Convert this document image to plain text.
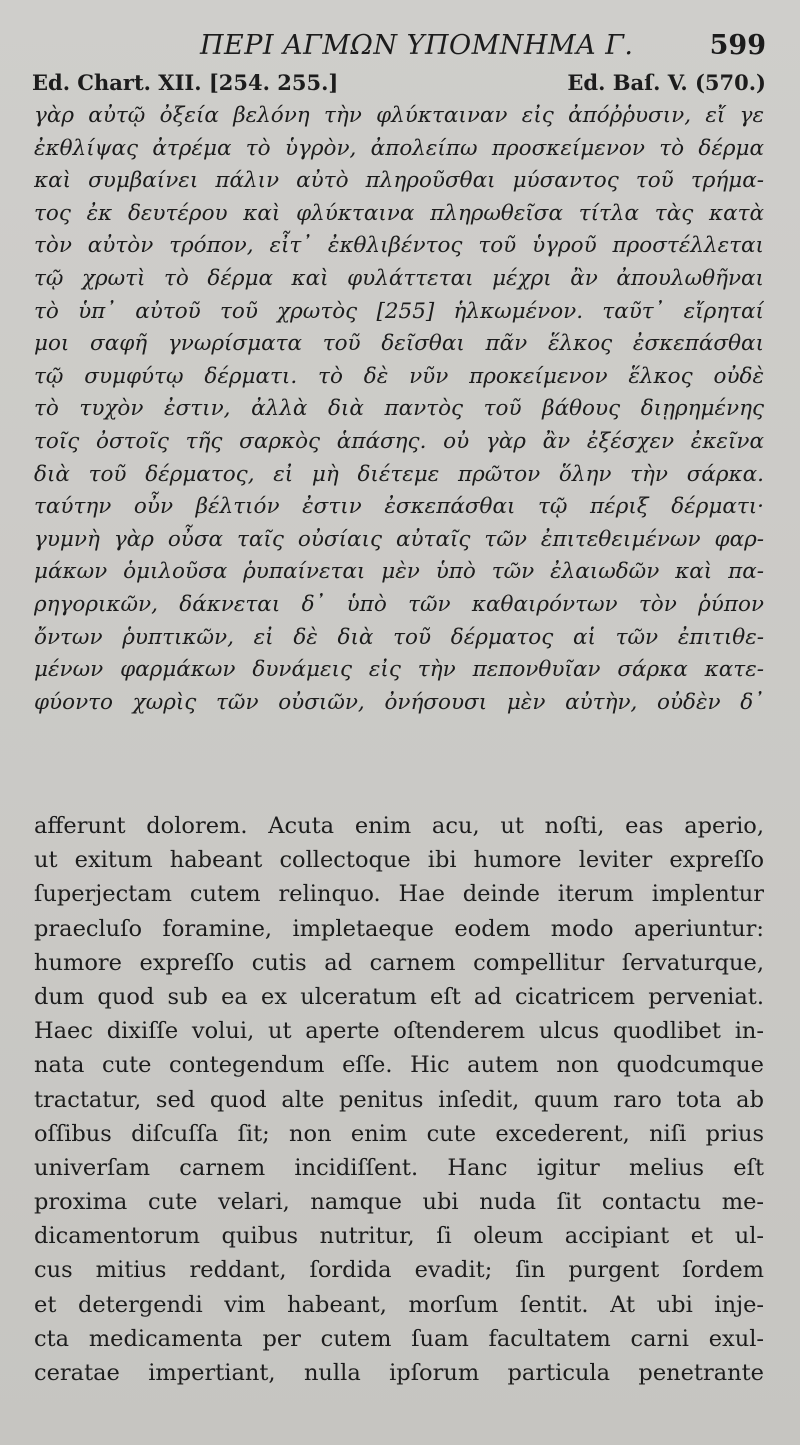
ΠΕΡΙ ΑΓΜΩΝ ΥΠΟΜΝΗΜΑ Γ.	599
Ed. Chart. XII. [254. 255.]	Ed. Baſ. V. (570.)
γὰρ αὐτῷ ὀξεία βελόνη τὴν φλύκταιναν εἰς ἀπόῤῥυσιν, εἴ γε
ἐκθλίψας ἀτρέμα τὸ ὑγρὸν, ἀπολείπω προσκείμενον τὸ δέρμα
καὶ συμβαίνει πάλιν αὐτὸ πληροῦσθαι μύσαντος τοῦ τρήμα-
τος ἐκ δευτέρου καὶ φλύκταινα πληρωθεῖσα τίτλα τὰς κατὰ
τὸν αὐτὸν τρόπον, εἶτ᾽ ἐκθλιβέντος τοῦ ὑγροῦ προστέλλεται
τῷ χρωτὶ τὸ δέρμα καὶ φυλάττεται μέχρι ἂν ἀπουλωθῆναι
τὸ ὑπ᾽ αὐτοῦ τοῦ χρωτὸς [255] ἡλκωμένον. ταῦτ᾽ εἴρηταί
μοι σαφῆ γνωρίσματα τοῦ δεῖσθαι πᾶν ἕλκος ἐσκεπάσθαι
τῷ συμφύτῳ δέρματι. τὸ δὲ νῦν προκείμενον ἕλκος οὐδὲ
τὸ τυχὸν ἐστιν, ἀλλὰ διὰ παντὸς τοῦ βάθους διῃρημένης
τοῖς ὀστοῖς τῆς σαρκὸς ἁπάσης. οὐ γὰρ ἂν ἐξέσχεν ἐκεῖνα
διὰ τοῦ δέρματος, εἰ μὴ διέτεμε πρῶτον ὅλην τὴν σάρκα.
ταύτην οὖν βέλτιόν ἐστιν ἐσκεπάσθαι τῷ πέριξ δέρματι·
γυμνὴ γὰρ οὖσα ταῖς οὐσίαις αὐταῖς τῶν ἐπιτεθειμένων φαρ-
μάκων ὁμιλοῦσα ῥυπαίνεται μὲν ὑπὸ τῶν ἐλαιωδῶν καὶ πα-
ρηγορικῶν, δάκνεται δ᾽ ὑπὸ τῶν καθαιρόντων τὸν ῥύπον
ὄντων ῥυπτικῶν, εἰ δὲ διὰ τοῦ δέρματος αἱ τῶν ἐπιτιθε-
μένων φαρμάκων δυνάμεις εἰς τὴν πεπονθυῖαν σάρκα κατε-
φύοντο χωρὶς τῶν οὐσιῶν, ὀνήσουσι μὲν αὐτὴν, οὐδὲν δ᾽
afferunt dolorem. Acuta enim acu, ut noſti, eas aperio,
ut exitum habeant collectoque ibi humore leviter expreſſo
ſuperjectam cutem relinquo. Hae deinde iterum implentur
praecluſo foramine, impletaeque eodem modo aperiuntur:
humore expreſſo cutis ad carnem compellitur ſervaturque,
dum quod sub ea ex ulceratum eſt ad cicatricem perveniat.
Haec dixiſſe volui, ut aperte oſtenderem ulcus quodlibet in-
nata cute contegendum eſſe. Hic autem non quodcumque
tractatur, sed quod alte penitus inſedit, quum raro tota ab
oſſibus diſcuſſa ſit; non enim cute excederent, niſi prius
univerſam carnem incidiſſent. Hanc igitur melius eſt
proxima cute velari, namque ubi nuda ſit contactu me-
dicamentorum quibus nutritur, ſi oleum accipiant et ul-
cus mitius reddant, ſordida evadit; ſin purgent ſordem
et detergendi vim habeant, morſum ſentit. At ubi inje-
cta medicamenta per cutem ſuam facultatem carni exul-
ceratae impertiant, nulla ipſorum particula penetrante
